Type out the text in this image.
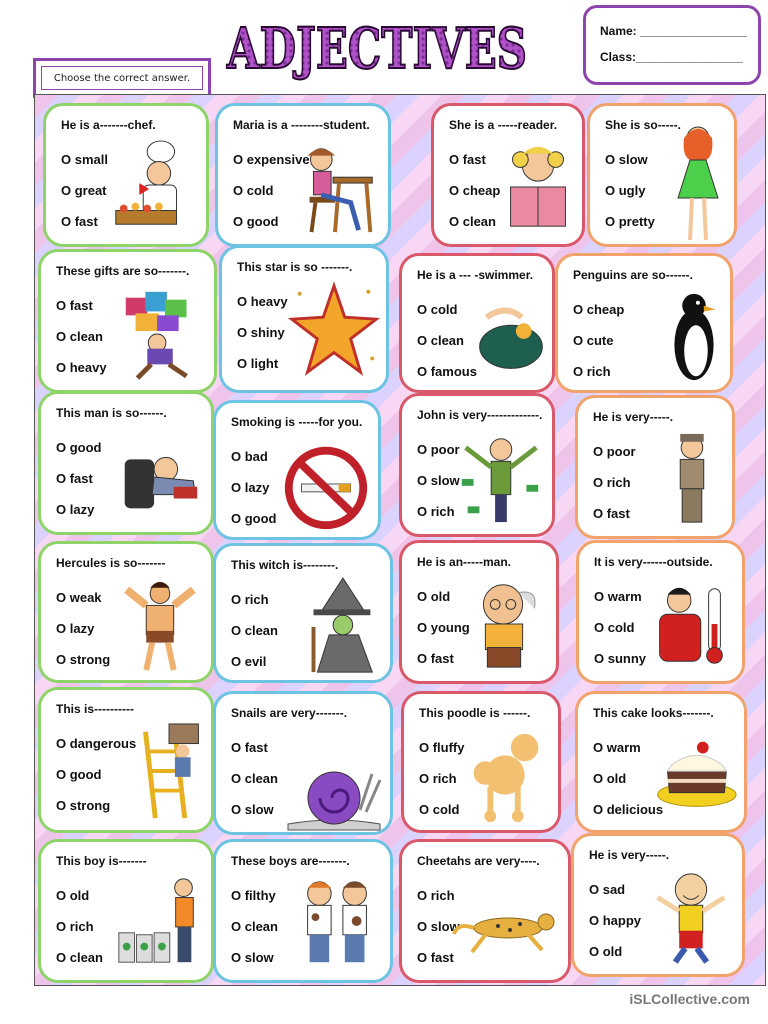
ADJECTIVES	Name: ________________
Class:________________
Choose the correct answer.
He is a-------chef.
O small
O great
O fast
Maria is a --------student.
O expensive
O cold
O good
She is a -----reader.
O fast
O cheap
O clean
She is so-----.
O slow
O ugly
O pretty
These gifts are so-------.
O fast
O clean
O heavy
This star is so -------.
O heavy
O shiny
O light
He is a --- -swimmer.
O cold
O clean
O famous
Penguins are so------.
O cheap
O cute
O rich
This man is so------.
O good
O fast
O lazy
Smoking is -----for you.
O bad
O lazy
O good
John is very-------------.
O poor
O slow
O rich
He is very-----.
O poor
O rich
O fast
Hercules is so-------
O weak
O lazy
O strong
This witch is--------.
O rich
O clean
O evil
He is an-----man.
O old
O young
O fast
It is very------outside.
O warm
O cold
O sunny
This is----------
O dangerous
O good
O strong
Snails are very-------.
O fast
O clean
O slow
This poodle is ------.
O fluffy
O rich
O cold
This cake looks-------.
O warm
O old
O delicious
This boy is-------
O old
O rich
O clean
These boys are-------.
O filthy
O clean
O slow
Cheetahs are very----.
O rich
O slow
O fast
He is very-----.
O sad
O happy
O old
iSLCollective.com
